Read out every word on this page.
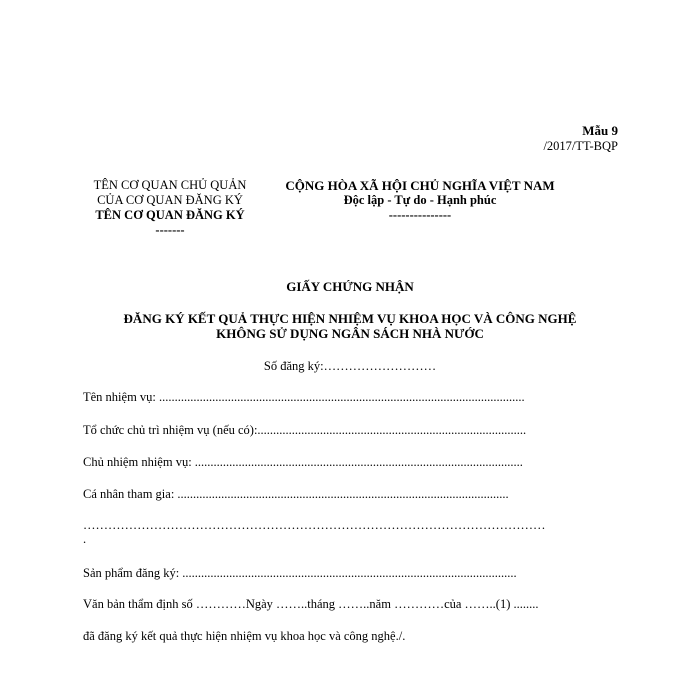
Mẫu 9
/2017/TT-BQP
TÊN CƠ QUAN CHỦ QUẢN
CỦA CƠ QUAN ĐĂNG KÝ
TÊN CƠ QUAN ĐĂNG KÝ
-------
CỘNG HÒA XÃ HỘI CHỦ NGHĨA VIỆT NAM
Độc lập - Tự do - Hạnh phúc
---------------
GIẤY CHỨNG NHẬN
ĐĂNG KÝ KẾT QUẢ THỰC HIỆN NHIỆM VỤ KHOA HỌC VÀ CÔNG NGHỆ
KHÔNG SỬ DỤNG NGÂN SÁCH NHÀ NƯỚC
Số đăng ký:………………………
Tên nhiệm vụ: .....................................................................................................................
Tổ chức chủ trì nhiệm vụ (nếu có):......................................................................................
Chủ nhiệm nhiệm vụ: .........................................................................................................
Cá nhân tham gia: ..........................................................................................................
…………………………………………………………………………………………………
.
Sản phẩm đăng ký: ...........................................................................................................
Văn bản thẩm định số …………Ngày ……..tháng ……..năm …………của ……..(1) ........
đã đăng ký kết quả thực hiện nhiệm vụ khoa học và công nghệ./.
